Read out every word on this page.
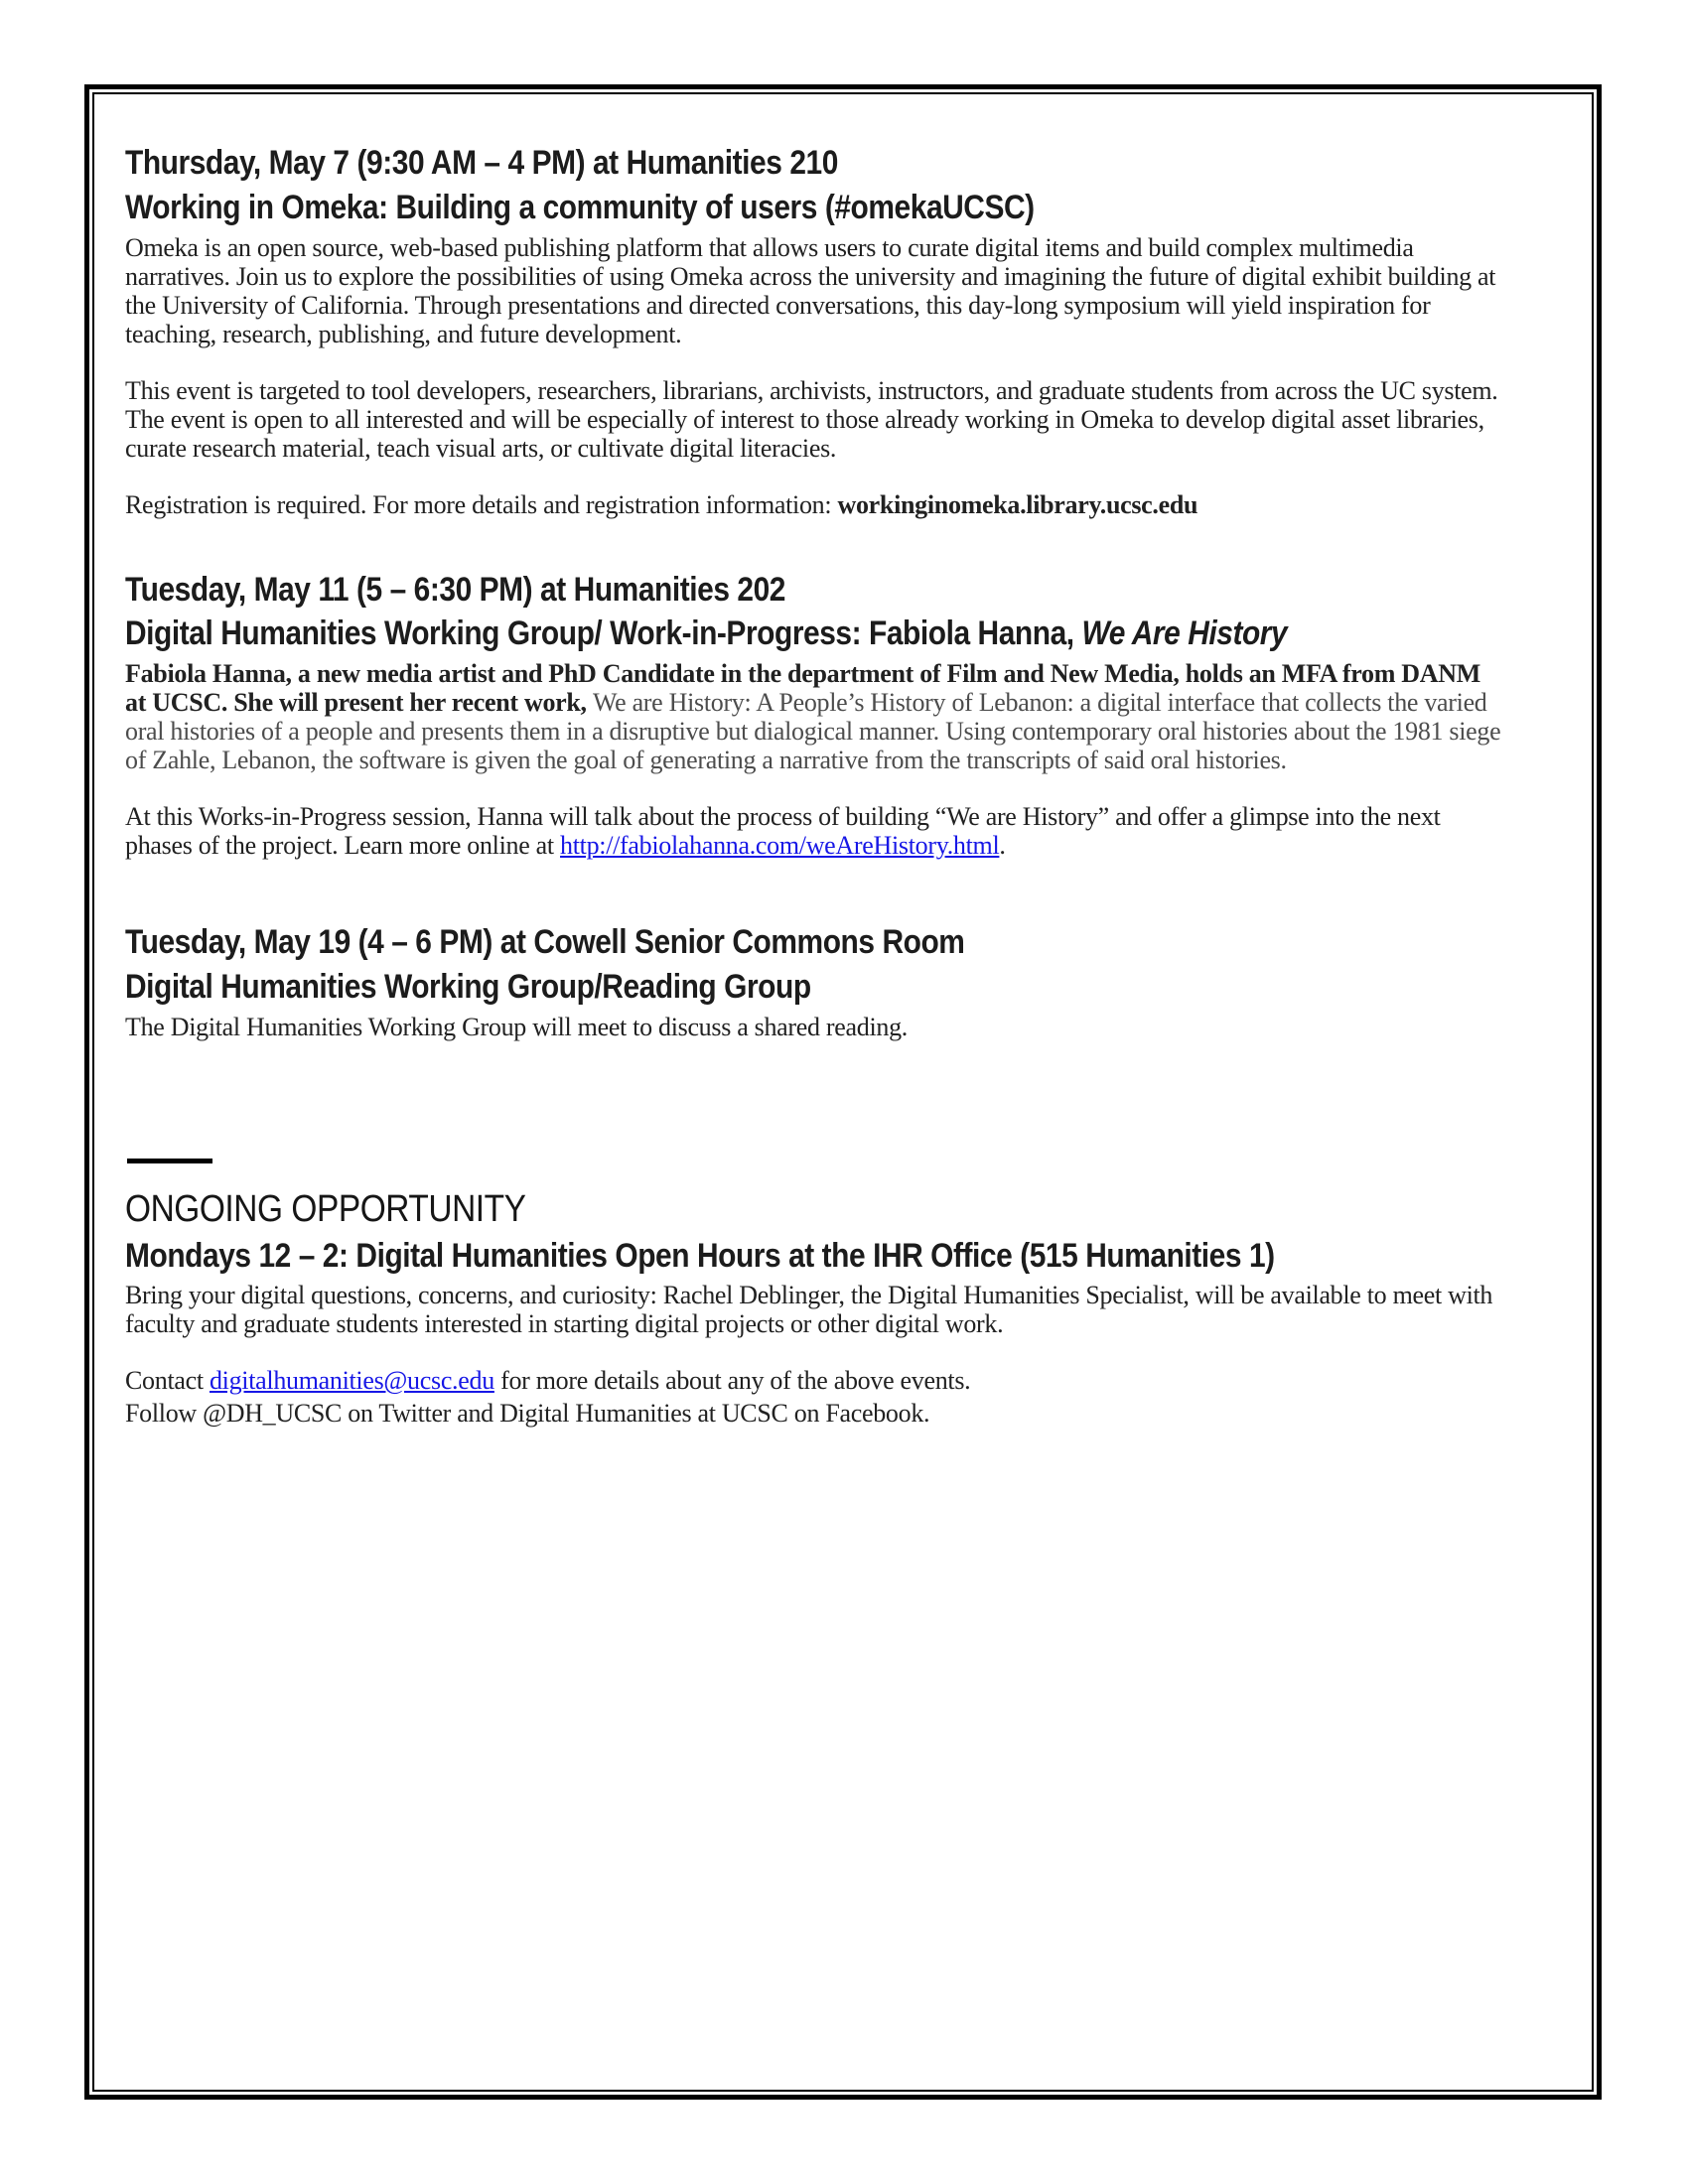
Thursday, May 7 (9:30 AM – 4 PM) at Humanities 210
Working in Omeka: Building a community of users (#omekaUCSC)

Omeka is an open source, web-based publishing platform that allows users to curate digital items and build complex multimedia narratives. Join us to explore the possibilities of using Omeka across the university and imagining the future of digital exhibit building at the University of California. Through presentations and directed conversations, this day-long symposium will yield inspiration for teaching, research, publishing, and future development.

This event is targeted to tool developers, researchers, librarians, archivists, instructors, and graduate students from across the UC system. The event is open to all interested and will be especially of interest to those already working in Omeka to develop digital asset libraries, curate research material, teach visual arts, or cultivate digital literacies.

Registration is required. For more details and registration information: workinginomeka.library.ucsc.edu

Tuesday, May 11 (5 – 6:30 PM) at Humanities 202
Digital Humanities Working Group/ Work-in-Progress: Fabiola Hanna, We Are History

Fabiola Hanna, a new media artist and PhD Candidate in the department of Film and New Media, holds an MFA from DANM at UCSC. She will present her recent work, We are History: A People’s History of Lebanon: a digital interface that collects the varied oral histories of a people and presents them in a disruptive but dialogical manner. Using contemporary oral histories about the 1981 siege of Zahle, Lebanon, the software is given the goal of generating a narrative from the transcripts of said oral histories.

At this Works-in-Progress session, Hanna will talk about the process of building “We are History” and offer a glimpse into the next phases of the project. Learn more online at http://fabiolahanna.com/weAreHistory.html.

Tuesday, May 19 (4 – 6 PM) at Cowell Senior Commons Room
Digital Humanities Working Group/Reading Group

The Digital Humanities Working Group will meet to discuss a shared reading.

ONGOING OPPORTUNITY
Mondays 12 – 2: Digital Humanities Open Hours at the IHR Office (515 Humanities 1)

Bring your digital questions, concerns, and curiosity: Rachel Deblinger, the Digital Humanities Specialist, will be available to meet with faculty and graduate students interested in starting digital projects or other digital work.

Contact digitalhumanities@ucsc.edu for more details about any of the above events.

Follow @DH_UCSC on Twitter and Digital Humanities at UCSC on Facebook.
